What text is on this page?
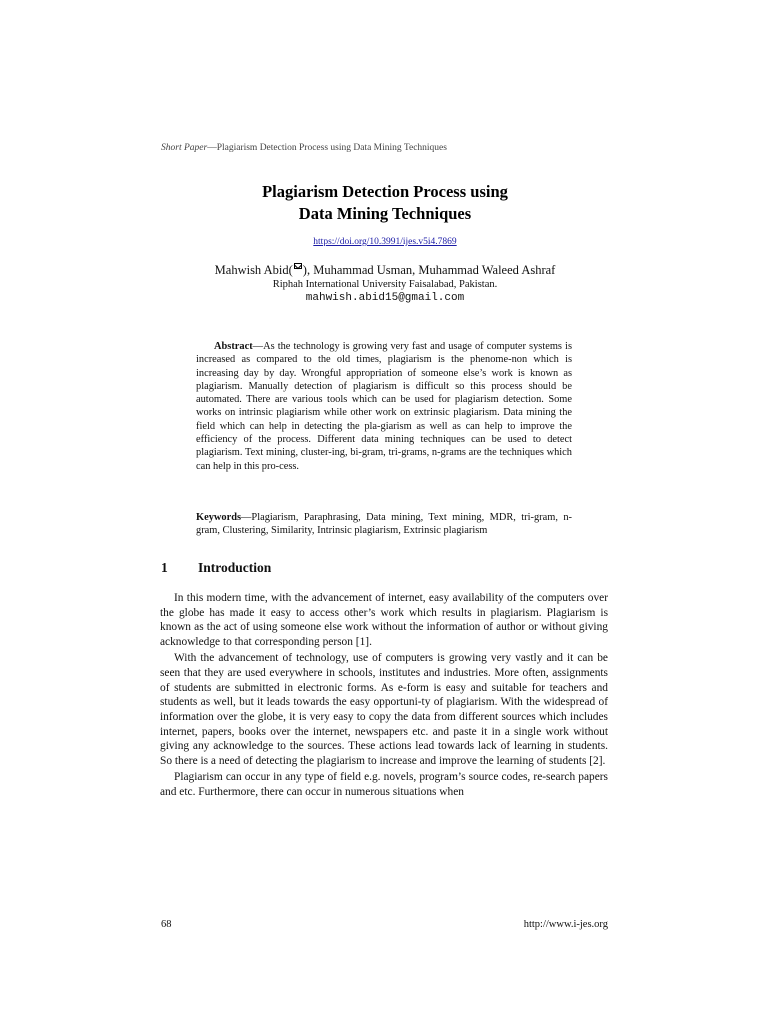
Short Paper—Plagiarism Detection Process using Data Mining Techniques
Plagiarism Detection Process using
Data Mining Techniques
https://doi.org/10.3991/ijes.v5i4.7869
Mahwish Abid( ), Muhammad Usman, Muhammad Waleed Ashraf
Riphah International University Faisalabad, Pakistan.
mahwish.abid15@gmail.com
Abstract—As the technology is growing very fast and usage of computer systems is increased as compared to the old times, plagiarism is the phenome-non which is increasing day by day. Wrongful appropriation of someone else’s work is known as plagiarism. Manually detection of plagiarism is difficult so this process should be automated. There are various tools which can be used for plagiarism detection. Some works on intrinsic plagiarism while other work on extrinsic plagiarism. Data mining the field which can help in detecting the pla-giarism as well as can help to improve the efficiency of the process. Different data mining techniques can be used to detect plagiarism. Text mining, cluster-ing, bi-gram, tri-grams, n-grams are the techniques which can help in this pro-cess.
Keywords—Plagiarism, Paraphrasing, Data mining, Text mining, MDR, tri-gram, n-gram, Clustering, Similarity, Intrinsic plagiarism, Extrinsic plagiarism
1 Introduction

In this modern time, with the advancement of internet, easy availability of the computers over the globe has made it easy to access other’s work which results in plagiarism. Plagiarism is known as the act of using someone else work without the information of author or without giving acknowledge to that corresponding person [1].

With the advancement of technology, use of computers is growing very vastly and it can be seen that they are used everywhere in schools, institutes and industries. More often, assignments of students are submitted in electronic forms. As e-form is easy and suitable for teachers and students as well, but it leads towards the easy opportuni-ty of plagiarism. With the widespread of information over the globe, it is very easy to copy the data from different sources which includes internet, papers, books over the internet, newspapers etc. and paste it in a single work without giving any acknowledge to the sources. These actions lead towards lack of learning in students. So there is a need of detecting the plagiarism to increase and improve the learning of students [2].

Plagiarism can occur in any type of field e.g. novels, program’s source codes, re-search papers and etc. Furthermore, there can occur in numerous situations when

68	http://www.i-jes.org
